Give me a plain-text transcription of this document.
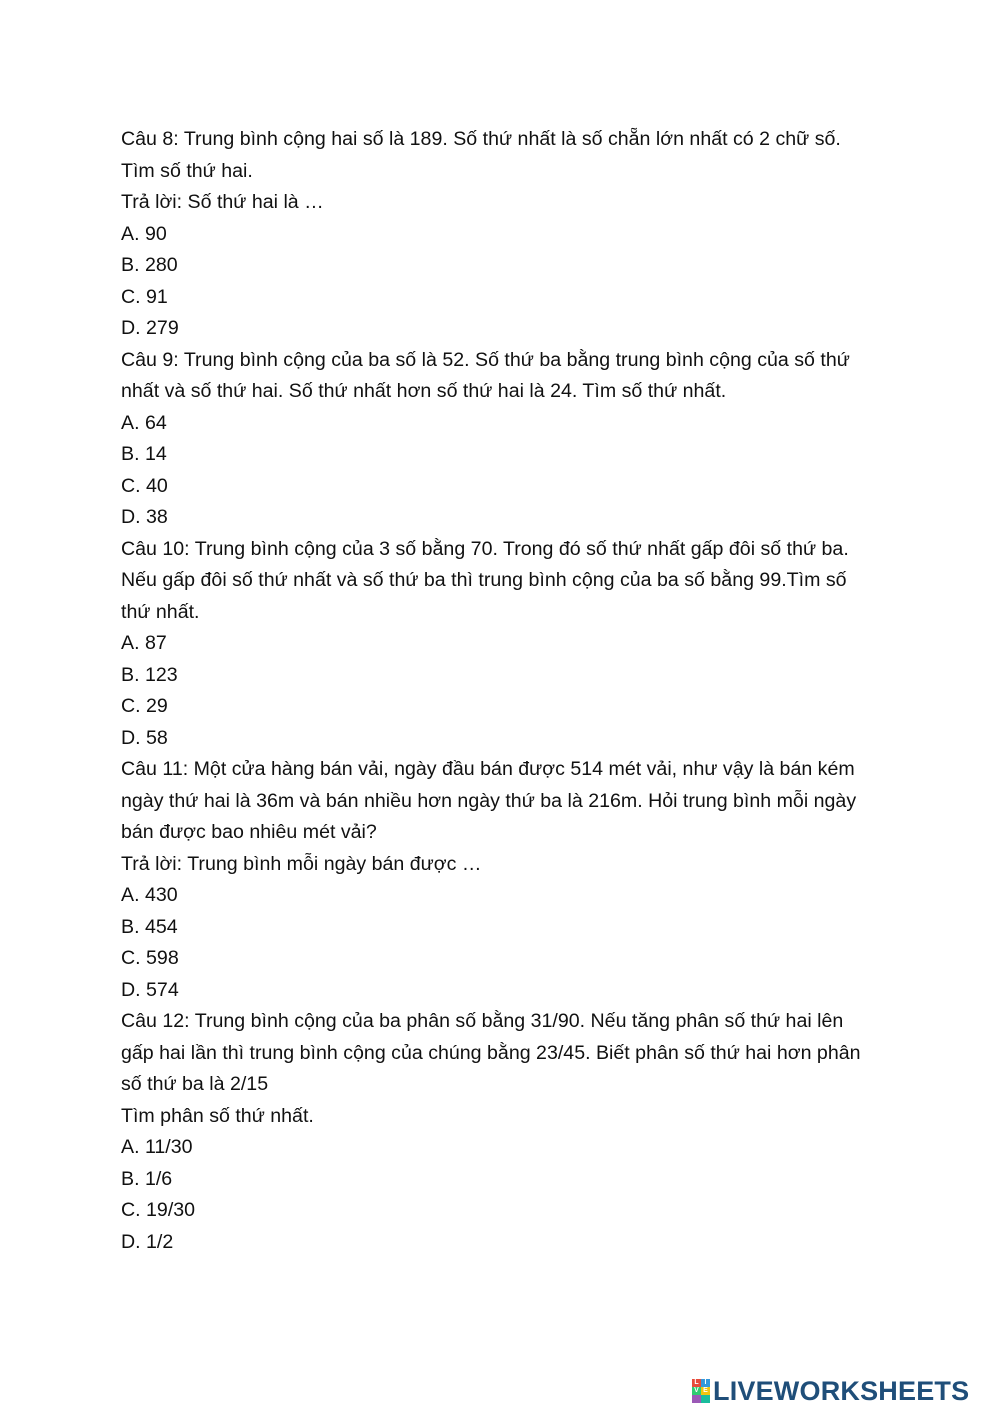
Câu 8: Trung bình cộng hai số là 189. Số thứ nhất là số chẵn lớn nhất có 2 chữ số.
Tìm số thứ hai.
Trả lời: Số thứ hai là …
A. 90
B. 280
C. 91
D. 279
Câu 9: Trung bình cộng của ba số là 52. Số thứ ba bằng trung bình cộng của số thứ
nhất và số thứ hai. Số thứ nhất hơn số thứ hai là 24. Tìm số thứ nhất.
A. 64
B. 14
C. 40
D. 38
Câu 10: Trung bình cộng của 3 số bằng 70. Trong đó số thứ nhất gấp đôi số thứ ba.
Nếu gấp đôi số thứ nhất và số thứ ba thì trung bình cộng của ba số bằng 99.Tìm số
thứ nhất.
A. 87
B. 123
C. 29
D. 58
Câu 11: Một cửa hàng bán vải, ngày đầu bán được 514 mét vải, như vậy là bán kém
ngày thứ hai là 36m và bán nhiều hơn ngày thứ ba là 216m. Hỏi trung bình mỗi ngày
bán được bao nhiêu mét vải?
Trả lời: Trung bình mỗi ngày bán được …
A. 430
B. 454
C. 598
D. 574
Câu 12: Trung bình cộng của ba phân số bằng 31/90. Nếu tăng phân số thứ hai lên
gấp hai lần thì trung bình cộng của chúng bằng 23/45. Biết phân số thứ hai hơn phân
số thứ ba là 2/15
Tìm phân số thứ nhất.
A. 11/30
B. 1/6
C. 19/30
D. 1/2
L I
V E LIVEWORKSHEETS
